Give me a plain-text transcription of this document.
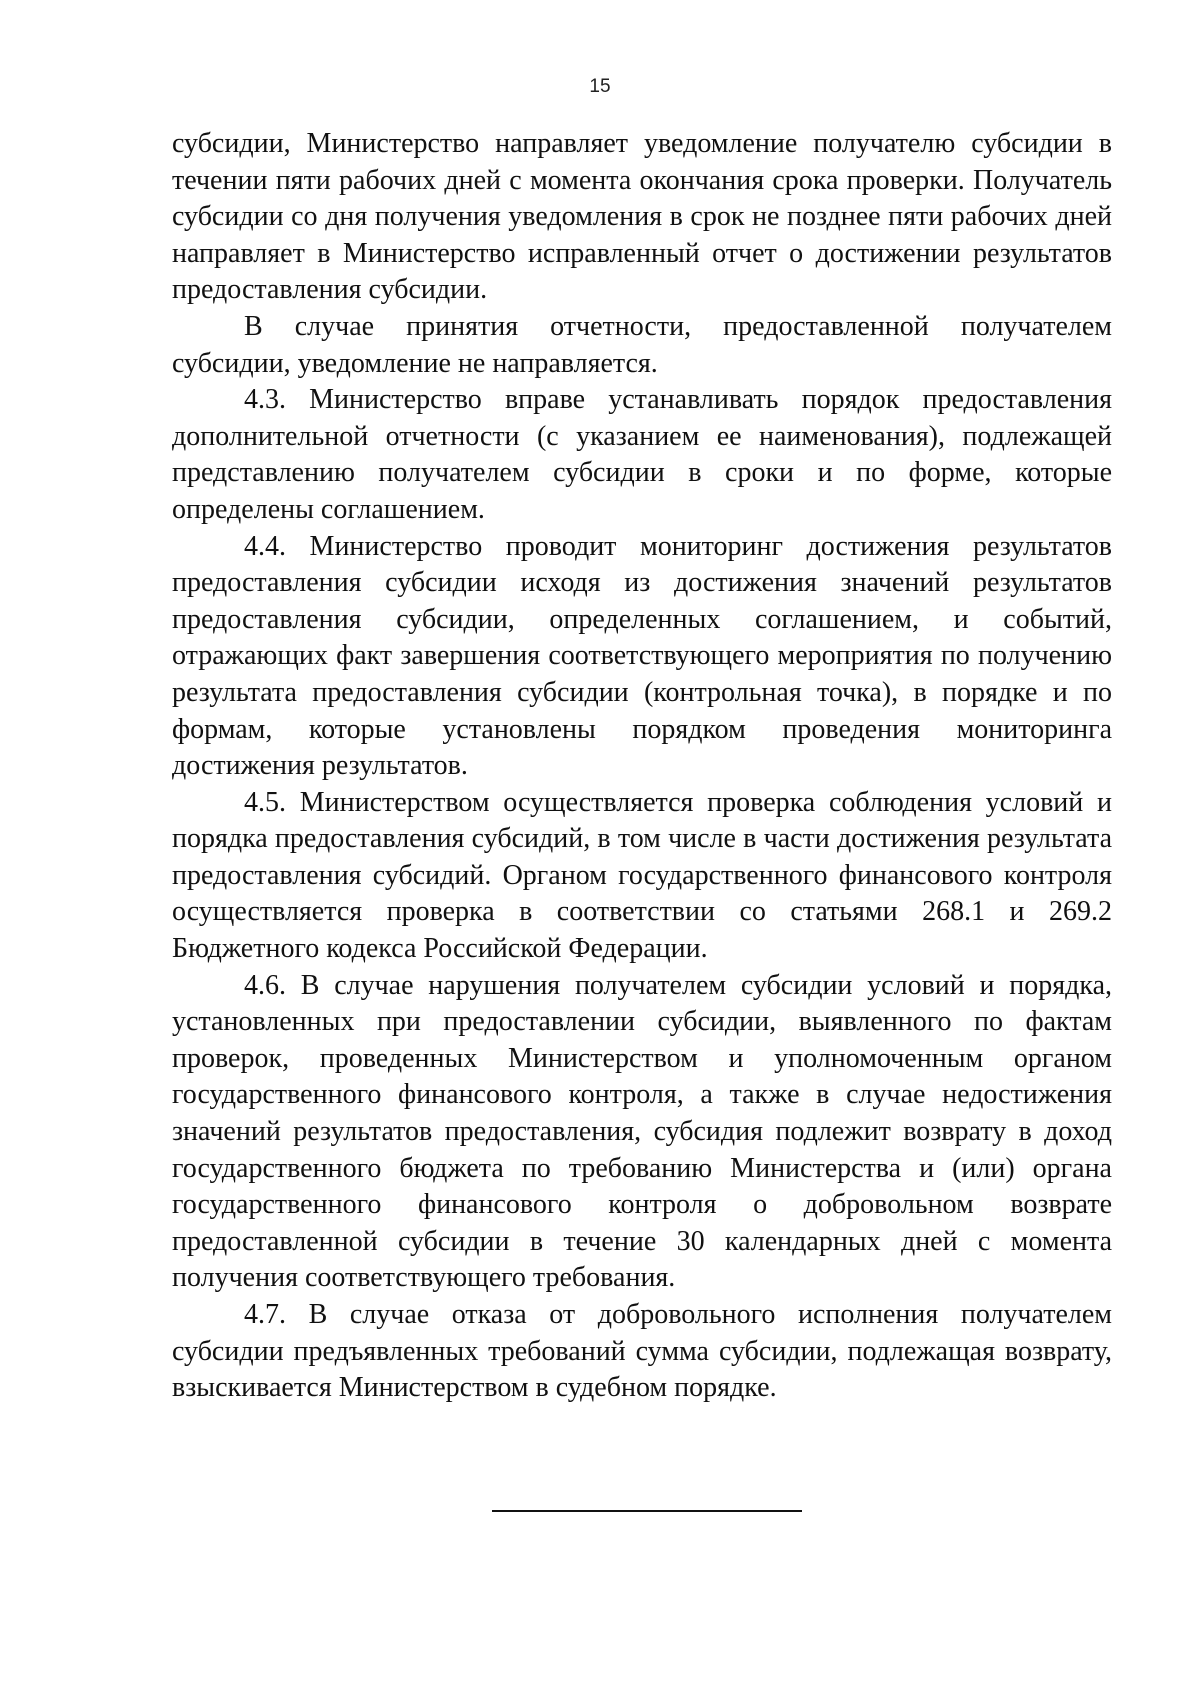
15

субсидии, Министерство направляет уведомление получателю субсидии в течении пяти рабочих дней с момента окончания срока проверки. Получатель субсидии со дня получения уведомления в срок не позднее пяти рабочих дней направляет в Министерство исправленный отчет о достижении результатов предоставления субсидии.

В случае принятия отчетности, предоставленной получателем субсидии, уведомление не направляется.

4.3. Министерство вправе устанавливать порядок предоставления дополнительной отчетности (с указанием ее наименования), подлежащей представлению получателем субсидии в сроки и по форме, которые определены соглашением.

4.4. Министерство проводит мониторинг достижения результатов предоставления субсидии исходя из достижения значений результатов предоставления субсидии, определенных соглашением, и событий, отражающих факт завершения соответствующего мероприятия по получению результата предоставления субсидии (контрольная точка), в порядке и по формам, которые установлены порядком проведения мониторинга достижения результатов.

4.5. Министерством осуществляется проверка соблюдения условий и порядка предоставления субсидий, в том числе в части достижения результата предоставления субсидий. Органом государственного финансового контроля осуществляется проверка в соответствии со статьями 268.1 и 269.2 Бюджетного кодекса Российской Федерации.

4.6. В случае нарушения получателем субсидии условий и порядка, установленных при предоставлении субсидии, выявленного по фактам проверок, проведенных Министерством и уполномоченным органом государственного финансового контроля, а также в случае недостижения значений результатов предоставления, субсидия подлежит возврату в доход государственного бюджета по требованию Министерства и (или) органа государственного финансового контроля о добровольном возврате предоставленной субсидии в течение 30 календарных дней с момента получения соответствующего требования.

4.7. В случае отказа от добровольного исполнения получателем субсидии предъявленных требований сумма субсидии, подлежащая возврату, взыскивается Министерством в судебном порядке.
